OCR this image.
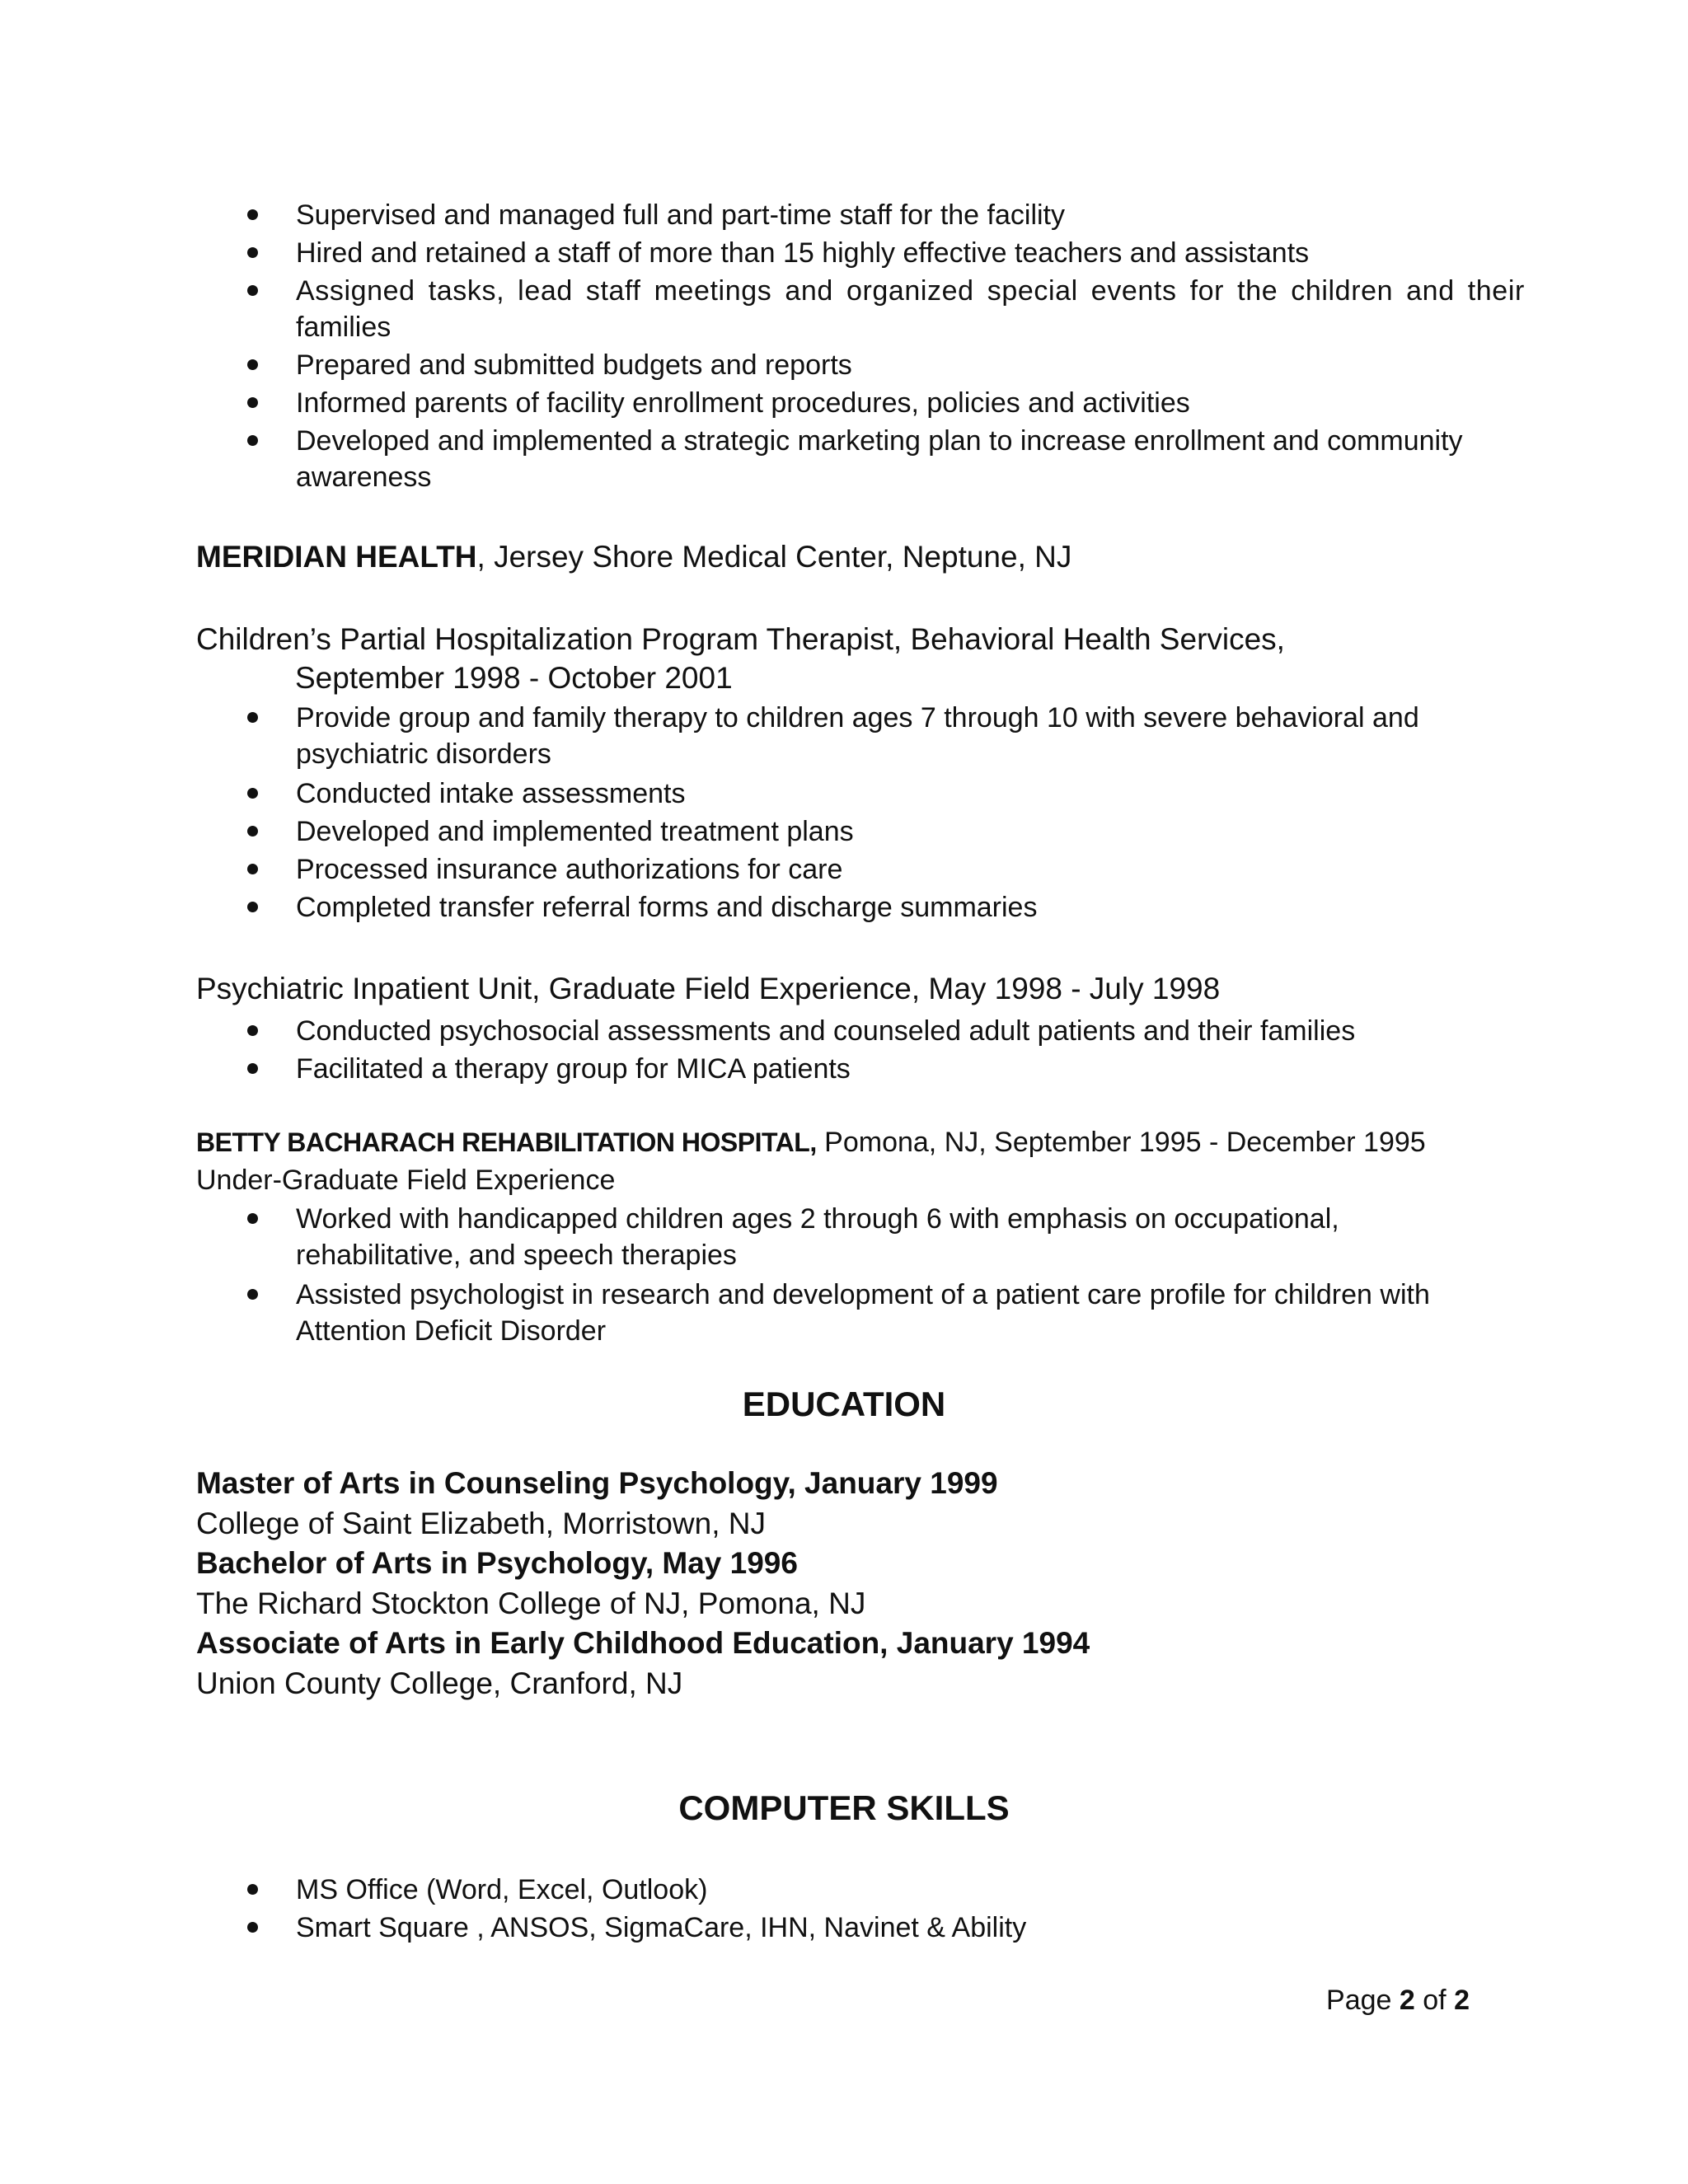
Supervised and managed full and part-time staff for the facility
Hired and retained a staff of more than 15 highly effective teachers and assistants
Assigned tasks, lead staff meetings and organized special events for the children and their
families
Prepared and submitted budgets and reports
Informed parents of facility enrollment procedures, policies and activities
Developed and implemented a strategic marketing plan to increase enrollment and community
awareness
MERIDIAN HEALTH, Jersey Shore Medical Center, Neptune, NJ
Children’s Partial Hospitalization Program Therapist, Behavioral Health Services,
September 1998 - October 2001
Provide group and family therapy to children ages 7 through 10 with severe behavioral and
psychiatric disorders
Conducted intake assessments
Developed and implemented treatment plans
Processed insurance authorizations for care
Completed transfer referral forms and discharge summaries
Psychiatric Inpatient Unit, Graduate Field Experience, May 1998 - July 1998
Conducted psychosocial assessments and counseled adult patients and their families
Facilitated a therapy group for MICA patients
BETTY BACHARACH REHABILITATION HOSPITAL, Pomona, NJ, September 1995 - December 1995
Under-Graduate Field Experience
Worked with handicapped children ages 2 through 6 with emphasis on occupational,
rehabilitative, and speech therapies
Assisted psychologist in research and development of a patient care profile for children with
Attention Deficit Disorder
EDUCATION
Master of Arts in Counseling Psychology, January 1999
College of Saint Elizabeth, Morristown, NJ
Bachelor of Arts in Psychology, May 1996
The Richard Stockton College of NJ, Pomona, NJ
Associate of Arts in Early Childhood Education, January 1994
Union County College, Cranford, NJ
COMPUTER SKILLS
MS Office (Word, Excel, Outlook)
Smart Square , ANSOS, SigmaCare, IHN, Navinet & Ability
Page 2 of 2
